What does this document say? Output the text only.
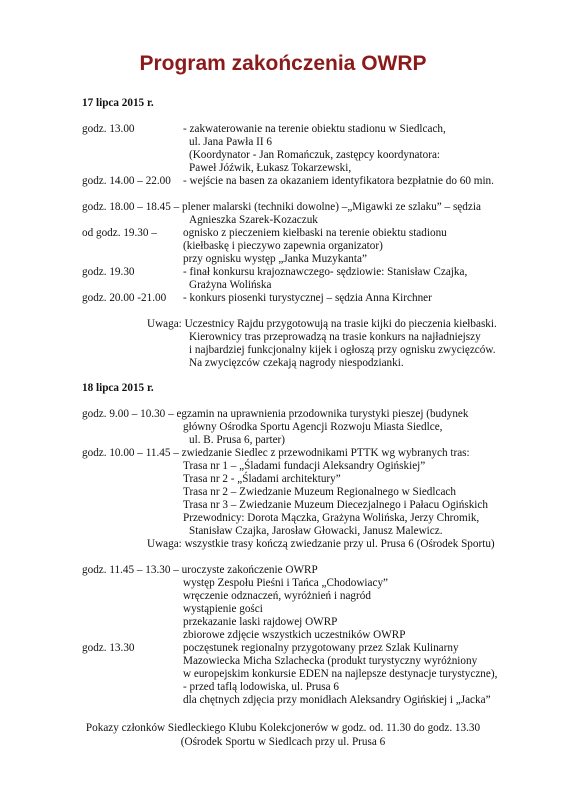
Program zakończenia OWRP
17 lipca 2015 r.
godz. 13.00	- zakwaterowanie na terenie obiektu stadionu w Siedlcach,
ul. Jana Pawła II 6
(Koordynator - Jan Romańczuk, zastępcy koordynatora:
Paweł Jóźwik, Łukasz Tokarzewski,
godz. 14.00 – 22.00 - wejście na basen za okazaniem identyfikatora bezpłatnie do 60 min.
godz. 18.00 – 18.45 – plener malarski (techniki dowolne) –„Migawki ze szlaku” – sędzia
Agnieszka Szarek-Kozaczuk
od godz. 19.30 – ognisko z pieczeniem kiełbaski na terenie obiektu stadionu
(kiełbaskę i pieczywo zapewnia organizator)
przy ognisku występ „Janka Muzykanta”
godz. 19.30	- finał konkursu krajoznawczego- sędziowie: Stanisław Czajka,
Grażyna Wolińska
godz. 20.00 -21.00 - konkurs piosenki turystycznej – sędzia Anna Kirchner
Uwaga: Uczestnicy Rajdu przygotowują na trasie kijki do pieczenia kiełbaski.
Kierownicy tras przeprowadzą na trasie konkurs na najładniejszy
i najbardziej funkcjonalny kijek i ogłoszą przy ognisku zwycięzców.
Na zwycięzców czekają nagrody niespodzianki.
18 lipca 2015 r.
godz. 9.00 – 10.30 – egzamin na uprawnienia przodownika turystyki pieszej (budynek
główny Ośrodka Sportu Agencji Rozwoju Miasta Siedlce,
ul. B. Prusa 6, parter)
godz. 10.00 – 11.45 – zwiedzanie Siedlec z przewodnikami PTTK wg wybranych tras:
Trasa nr 1 – „Śladami fundacji Aleksandry Ogińskiej”
Trasa nr 2 - „Śladami architektury”
Trasa nr 2 – Zwiedzanie Muzeum Regionalnego w Siedlcach
Trasa nr 3 – Zwiedzanie Muzeum Diecezjalnego i Pałacu Ogińskich
Przewodnicy: Dorota Mączka, Grażyna Wolińska, Jerzy Chromik,
Stanisław Czajka, Jarosław Głowacki, Janusz Malewicz.
Uwaga: wszystkie trasy kończą zwiedzanie przy ul. Prusa 6 (Ośrodek Sportu)
godz. 11.45 – 13.30 – uroczyste zakończenie OWRP
występ Zespołu Pieśni i Tańca „Chodowiacy”
wręczenie odznaczeń, wyróżnień i nagród
wystąpienie gości
przekazanie laski rajdowej OWRP
zbiorowe zdjęcie wszystkich uczestników OWRP
godz. 13.30	poczęstunek regionalny przygotowany przez Szlak Kulinarny
Mazowiecka Micha Szlachecka (produkt turystyczny wyróżniony
w europejskim konkursie EDEN na najlepsze destynacje turystyczne),
- przed taflą lodowiska, ul. Prusa 6
dla chętnych zdjęcia przy monidłach Aleksandry Ogińskiej i „Jacka”
Pokazy członków Siedleckiego Klubu Kolekcjonerów w godz. od. 11.30 do godz. 13.30
(Ośrodek Sportu w Siedlcach przy ul. Prusa 6
